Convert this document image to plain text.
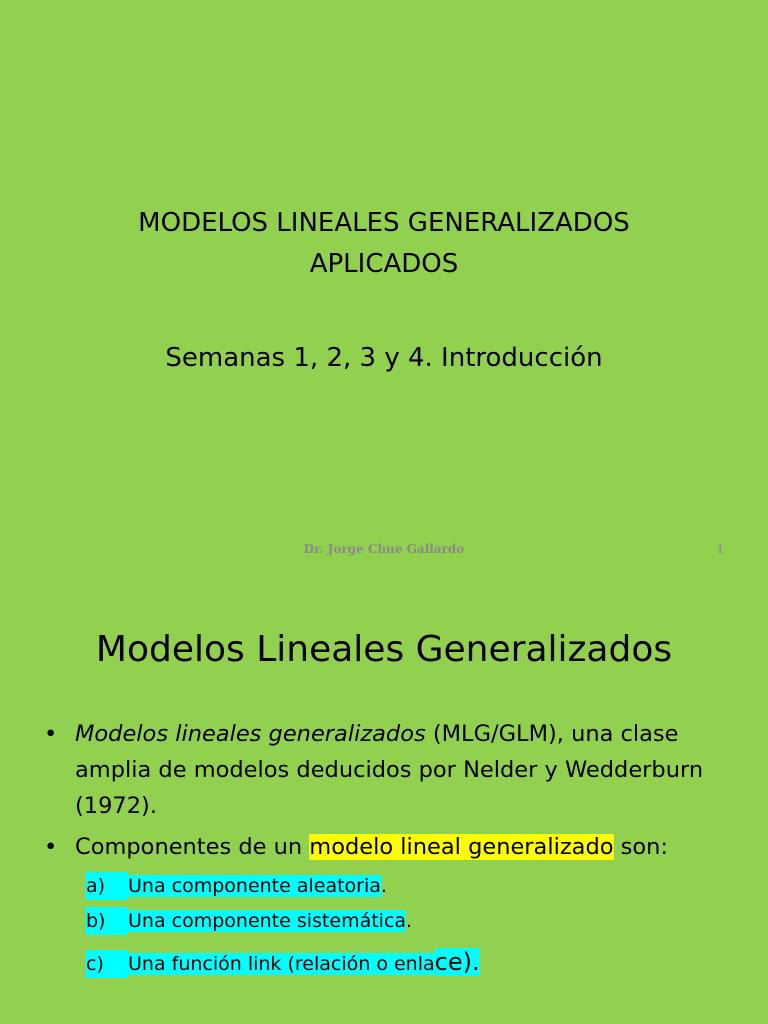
MODELOS LINEALES GENERALIZADOS
APLICADOS
Semanas 1, 2, 3 y 4. Introducción
Dr. Jorge Chue Gallardo	1
Modelos Lineales Generalizados
• Modelos lineales generalizados (MLG/GLM), una clase amplia de modelos deducidos por Nelder y Wedderburn (1972).
• Componentes de un modelo lineal generalizado son:
a) Una componente aleatoria.
b) Una componente sistemática.
c) Una función link (relación o enlace).
